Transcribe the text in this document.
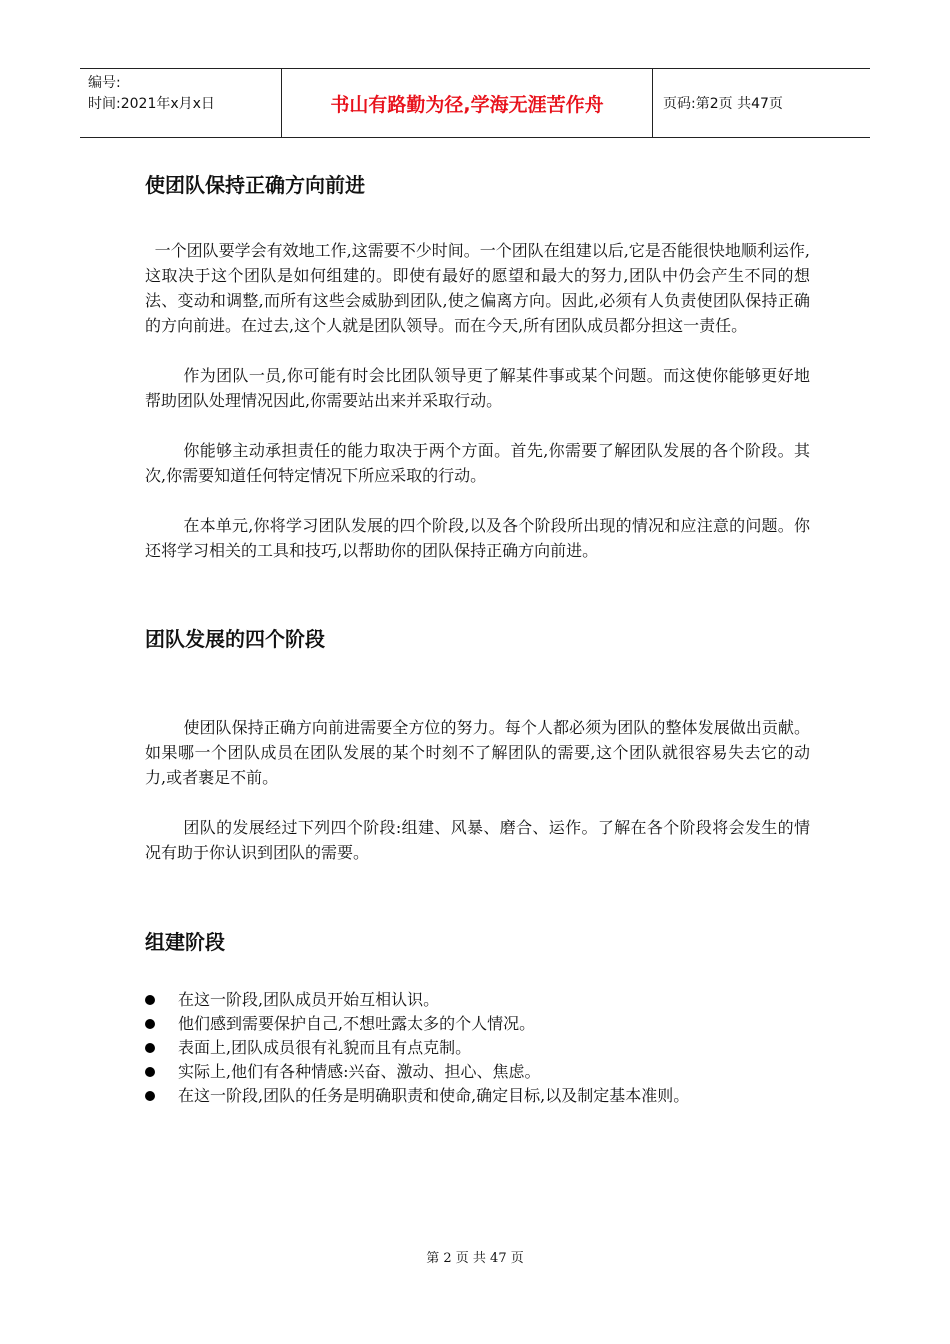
编号:
时间:2021年x月x日	书山有路勤为径,学海无涯苦作舟	页码:第2页 共47页
使团队保持正确方向前进

一个团队要学会有效地工作,这需要不少时间。一个团队在组建以后,它是否能很快地顺利运作,这取决于这个团队是如何组建的。即使有最好的愿望和最大的努力,团队中仍会产生不同的想法、变动和调整,而所有这些会威胁到团队,使之偏离方向。因此,必须有人负责使团队保持正确的方向前进。在过去,这个人就是团队领导。而在今天,所有团队成员都分担这一责任。

作为团队一员,你可能有时会比团队领导更了解某件事或某个问题。而这使你能够更好地帮助团队处理情况因此,你需要站出来并采取行动。

你能够主动承担责任的能力取决于两个方面。首先,你需要了解团队发展的各个阶段。其次,你需要知道任何特定情况下所应采取的行动。

在本单元,你将学习团队发展的四个阶段,以及各个阶段所出现的情况和应注意的问题。你还将学习相关的工具和技巧,以帮助你的团队保持正确方向前进。

团队发展的四个阶段

使团队保持正确方向前进需要全方位的努力。每个人都必须为团队的整体发展做出贡献。如果哪一个团队成员在团队发展的某个时刻不了解团队的需要,这个团队就很容易失去它的动力,或者裹足不前。

团队的发展经过下列四个阶段:组建、风暴、磨合、运作。了解在各个阶段将会发生的情况有助于你认识到团队的需要。

组建阶段
在这一阶段,团队成员开始互相认识。
他们感到需要保护自己,不想吐露太多的个人情况。
表面上,团队成员很有礼貌而且有点克制。
实际上,他们有各种情感:兴奋、激动、担心、焦虑。
在这一阶段,团队的任务是明确职责和使命,确定目标,以及制定基本准则。
第 2 页 共 47 页
